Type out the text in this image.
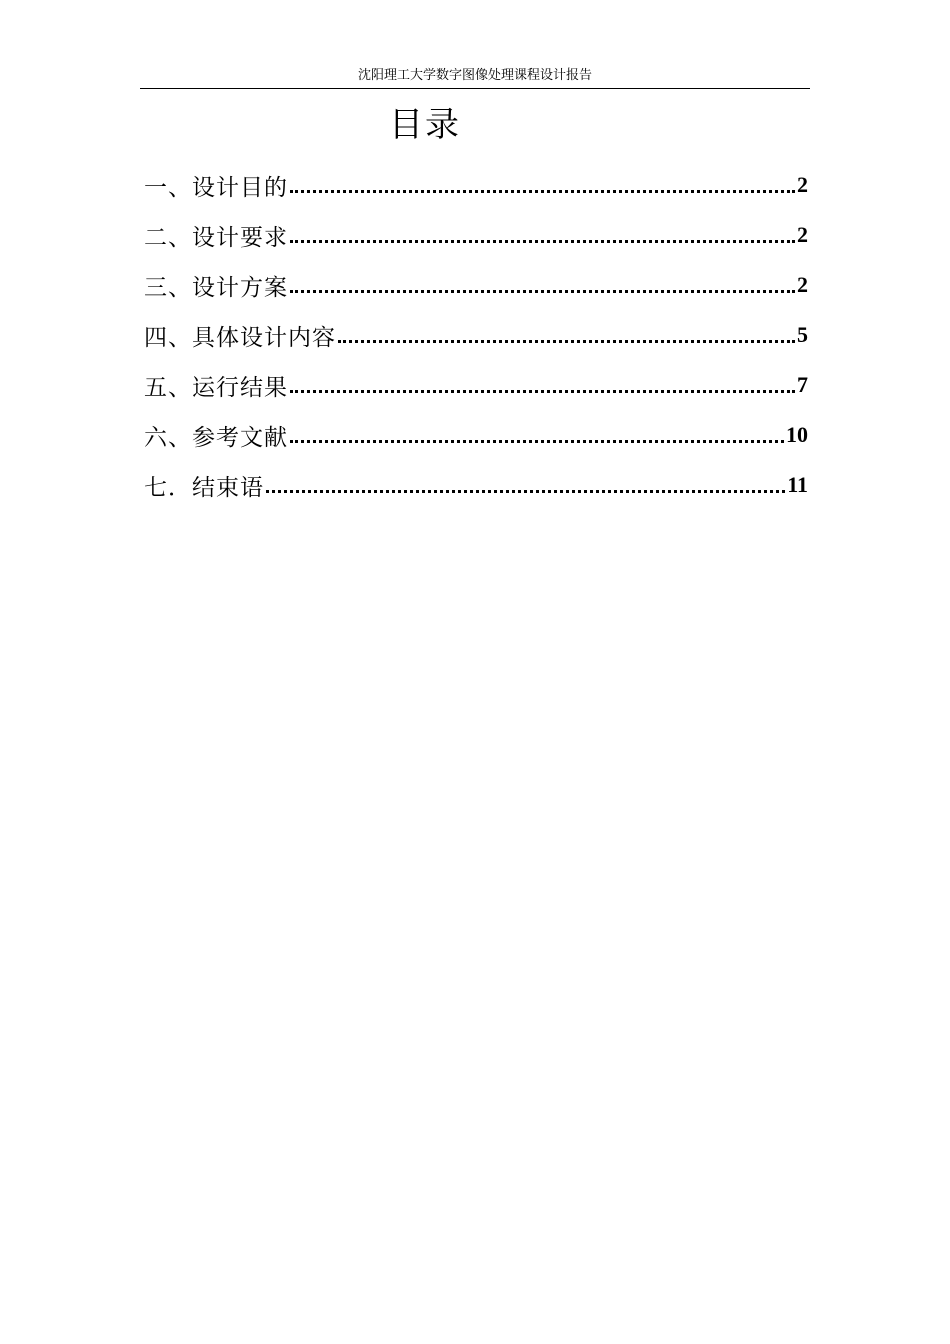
沈阳理工大学数字图像处理课程设计报告
目录
一、设计目的	2
二、设计要求	2
三、设计方案	2
四、具体设计内容	5
五、运行结果	7
六、参考文献	10
七．结束语	11
